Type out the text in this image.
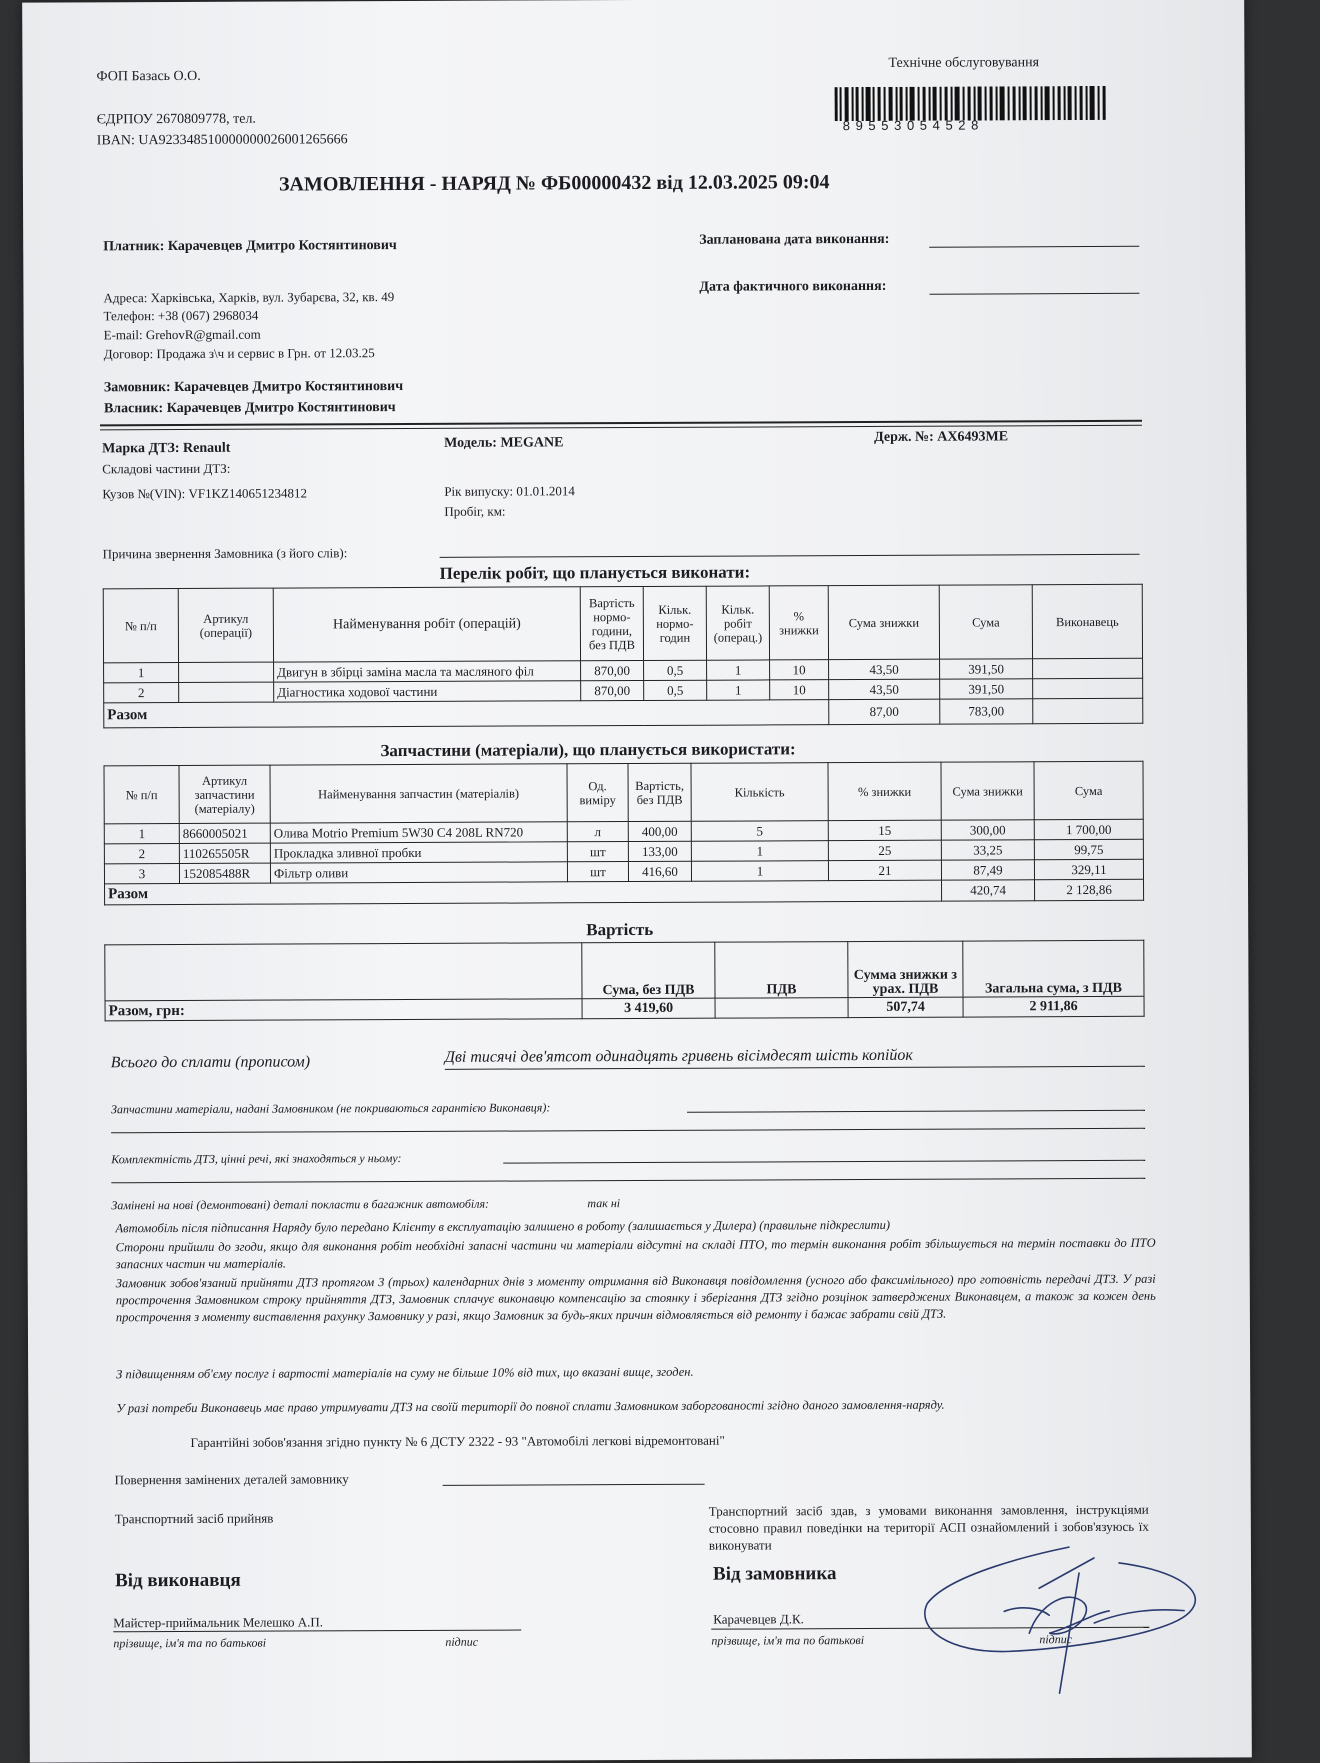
ФОП Базась О.О.
Технічне обслуговування
8 9 5 5 3 0 5 4 5 2 8
ЄДРПОУ 2670809778, тел.
IBAN: UA923348510000000026001265666
ЗАМОВЛЕННЯ - НАРЯД № ФБ00000432 від 12.03.2025 09:04
Платник: Карачевцев Дмитро Костянтинович
Адреса: Харківська, Харків, вул. Зубарєва, 32, кв. 49
Телефон: +38 (067) 2968034
E-mail: GrehovR@gmail.com
Договор: Продажа з\ч и сервис в Грн. от 12.03.25
Замовник: Карачевцев Дмитро Костянтинович
Власник: Карачевцев Дмитро Костянтинович
Запланована дата виконання:
Дата фактичного виконання:
Марка ДТЗ: Renault
Складові частини ДТЗ:
Кузов №(VIN): VF1KZ140651234812
Модель: MEGANE
Рік випуску: 01.01.2014
Пробіг, км:
Держ. №: АХ6493МЕ
Причина звернення Замовника (з його слів):
Перелік робіт, що планується виконати:
№ п/п	Артикул (операції)	Найменування робіт (операцій)	Вартість нормо-години, без ПДВ	Кільк. нормо-годин	Кільк. робіт (операц.)	% знижки	Сума знижки	Сума	Виконавець
1		Двигун в збірці заміна масла та масляного філ	870,00	0,5	1	10	43,50	391,50	
2		Діагностика ходової частини	870,00	0,5	1	10	43,50	391,50	
Разом							87,00	783,00	
Запчастини (матеріали), що планується використати:
№ п/п	Артикул запчастини (матеріалу)	Найменування запчастин (матеріалів)	Од. виміру	Вартість, без ПДВ	Кількість	% знижки	Сума знижки	Сума
1	8660005021	Олива Motrio Premium 5W30 C4 208L RN720	л	400,00	5	15	300,00	1 700,00
2	110265505R	Прокладка зливної пробки	шт	133,00	1	25	33,25	99,75
3	152085488R	Фільтр оливи	шт	416,60	1	21	87,49	329,11
Разом							420,74	2 128,86
Вартість
	Сума, без ПДВ	ПДВ	Сумма знижки з урах. ПДВ	Загальна сума, з ПДВ
Разом, грн:	3 419,60		507,74	2 911,86
Всього до сплати (прописом)	Дві тисячі дев'ятсот одинадцять гривень вісімдесят шість копійок
Запчастини матеріали, надані Замовником (не покриваються гарантією Виконавця):
Комплектність ДТЗ, цінні речі, які знаходяться у ньому:
Замінені на нові (демонтовані) деталі покласти в багажник автомобіля:	так ні
Автомобіль після підписання Наряду було передано Клієнту в експлуатацію залишено в роботу (залишається у Дилера) (правильне підкреслити)
Сторони прийшли до згоди, якщо для виконання робіт необхідні запасні частини чи матеріали відсутні на складі ПТО, то термін виконання робіт збільшується на термін поставки до ПТО запасних частин чи матеріалів.
Замовник зобов'язаний прийняти ДТЗ протягом 3 (трьох) календарних днів з моменту отримання від Виконавця повідомлення (усного або факсимільного) про готовність передачі ДТЗ. У разі прострочення Замовником строку прийняття ДТЗ, Замовник сплачує виконавцю компенсацію за стоянку і зберігання ДТЗ згідно розцінок затверджених Виконавцем, а також за кожен день прострочення з моменту виставлення рахунку Замовнику у разі, якщо Замовник за будь-яких причин відмовляється від ремонту і бажає забрати свій ДТЗ.
З підвищенням об'єму послуг і вартості матеріалів на суму не більше 10% від тих, що вказані вище, згоден.
У разі потреби Виконавець має право утримувати ДТЗ на своїй території до повної сплати Замовником заборгованості згідно даного замовлення-наряду.
Гарантійні зобов'язання згідно пункту № 6 ДСТУ 2322 - 93 "Автомобілі легкові відремонтовані"
Повернення замінених деталей замовнику
Транспортний засіб прийняв	Транспортний засіб здав, з умовами виконання замовлення, інструкціями стосовно правил поведінки на території АСП ознайомлений і зобов'язуюсь їх виконувати
Від виконавця
Майстер-приймальник Мелешко А.П.
прізвище, ім'я та по батькові	підпис
Від замовника
Карачевцев Д.К.
прізвище, ім'я та по батькові	підпис
